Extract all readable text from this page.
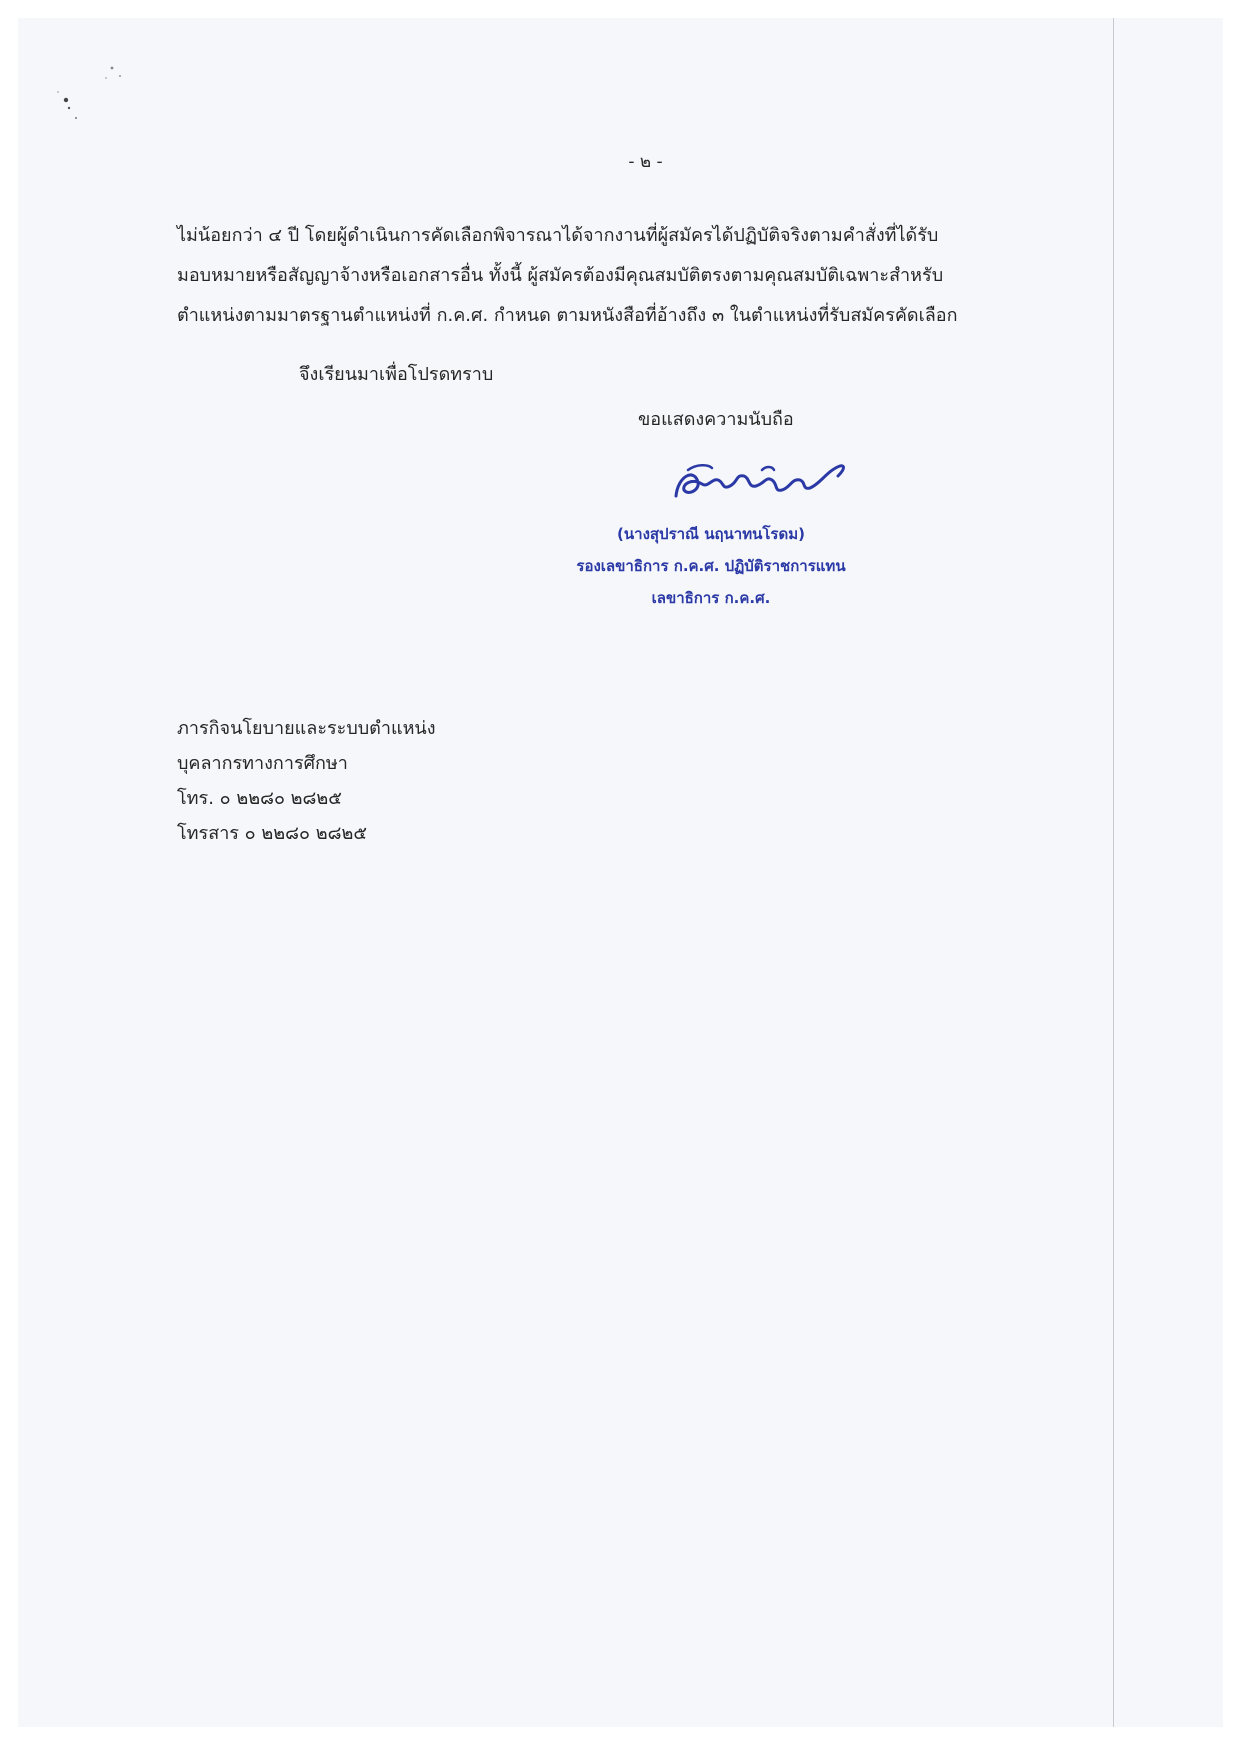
- ๒ -
ไม่น้อยกว่า ๔ ปี โดยผู้ดำเนินการคัดเลือกพิจารณาได้จากงานที่ผู้สมัครได้ปฏิบัติจริงตามคำสั่งที่ได้รับ
มอบหมายหรือสัญญาจ้างหรือเอกสารอื่น ทั้งนี้ ผู้สมัครต้องมีคุณสมบัติตรงตามคุณสมบัติเฉพาะสำหรับ
ตำแหน่งตามมาตรฐานตำแหน่งที่ ก.ค.ศ. กำหนด ตามหนังสือที่อ้างถึง ๓ ในตำแหน่งที่รับสมัครคัดเลือก
จึงเรียนมาเพื่อโปรดทราบ
ขอแสดงความนับถือ
(นางสุปราณี นฤนาทนโรดม)
รองเลขาธิการ ก.ค.ศ. ปฏิบัติราชการแทน
เลขาธิการ ก.ค.ศ.
ภารกิจนโยบายและระบบตำแหน่ง
บุคลากรทางการศึกษา
โทร. ๐ ๒๒๘๐ ๒๘๒๕
โทรสาร ๐ ๒๒๘๐ ๒๘๒๕
